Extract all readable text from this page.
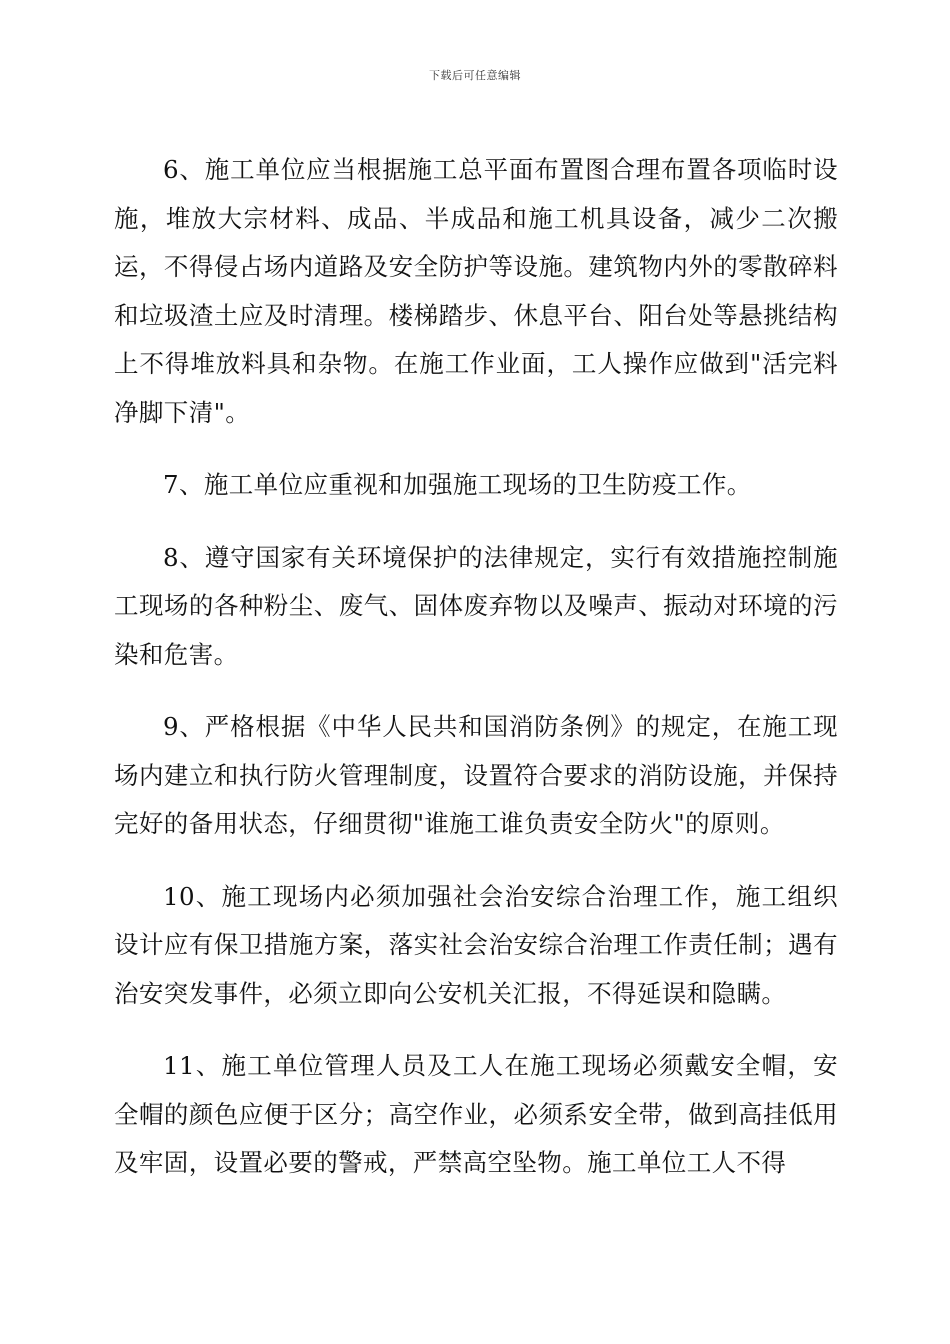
下载后可任意编辑

6、施工单位应当根据施工总平面布置图合理布置各项临时设施，堆放大宗材料、成品、半成品和施工机具设备，减少二次搬运，不得侵占场内道路及安全防护等设施。建筑物内外的零散碎料和垃圾渣土应及时清理。楼梯踏步、休息平台、阳台处等悬挑结构上不得堆放料具和杂物。在施工作业面，工人操作应做到"活完料净脚下清"。

7、施工单位应重视和加强施工现场的卫生防疫工作。

8、遵守国家有关环境保护的法律规定，实行有效措施控制施工现场的各种粉尘、废气、固体废弃物以及噪声、振动对环境的污染和危害。

9、严格根据《中华人民共和国消防条例》的规定，在施工现场内建立和执行防火管理制度，设置符合要求的消防设施，并保持完好的备用状态，仔细贯彻"谁施工谁负责安全防火"的原则。

10、施工现场内必须加强社会治安综合治理工作，施工组织设计应有保卫措施方案，落实社会治安综合治理工作责任制；遇有治安突发事件，必须立即向公安机关汇报，不得延误和隐瞒。

11、施工单位管理人员及工人在施工现场必须戴安全帽，安全帽的颜色应便于区分；高空作业，必须系安全带，做到高挂低用及牢固，设置必要的警戒，严禁高空坠物。施工单位工人不得
